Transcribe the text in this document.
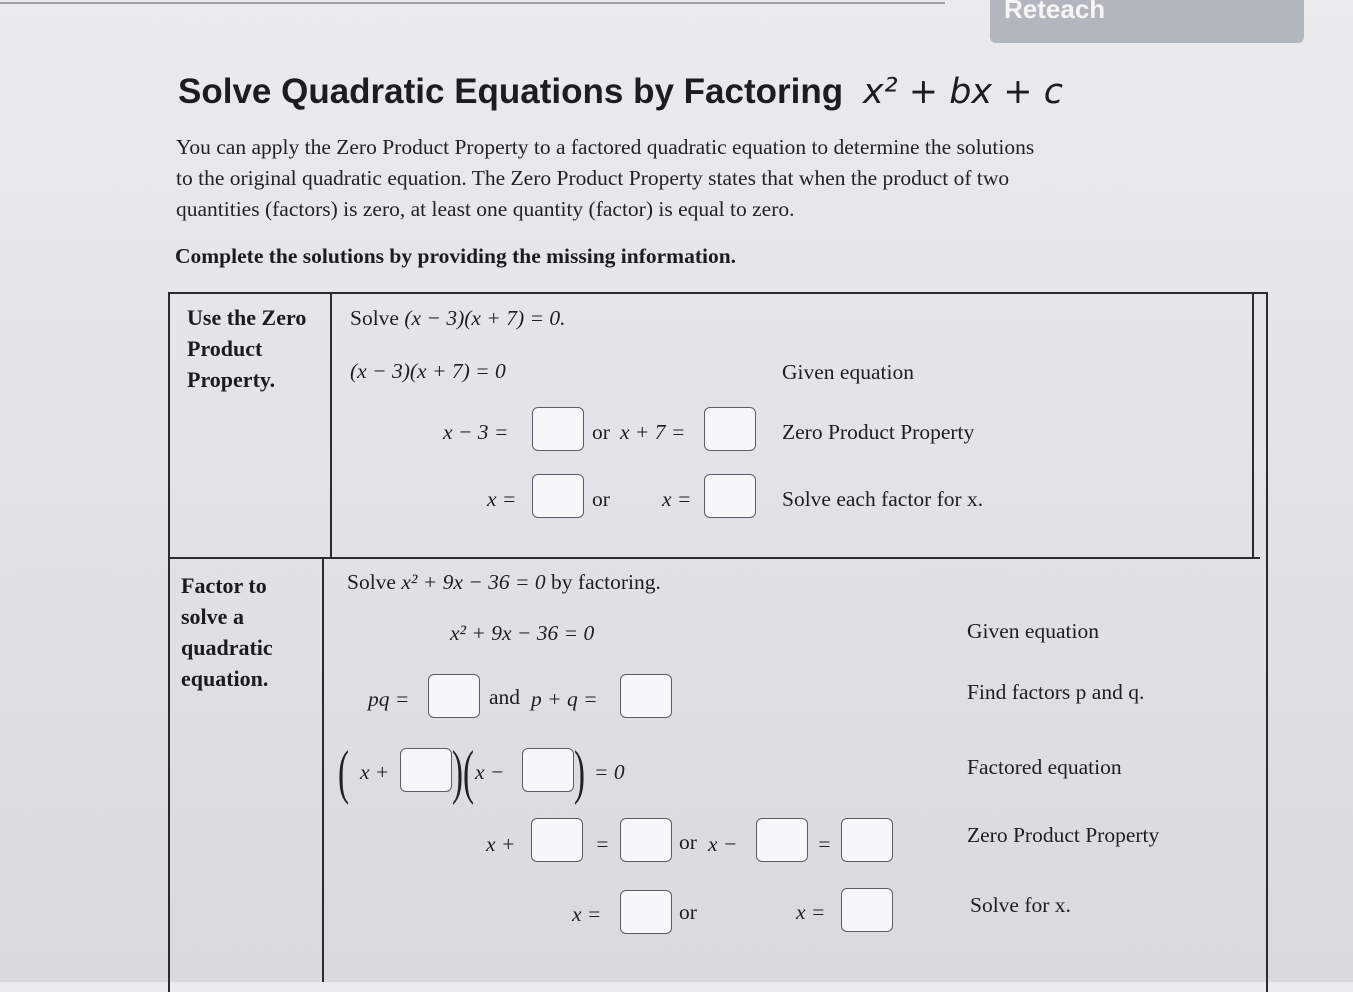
Reteach
Solve Quadratic Equations by Factoring x² + bx + c
You can apply the Zero Product Property to a factored quadratic equation to determine the solutions to the original quadratic equation. The Zero Product Property states that when the product of two quantities (factors) is zero, at least one quantity (factor) is equal to zero.
Complete the solutions by providing the missing information.
Use the Zero Product Property.
Solve (x − 3)(x + 7) = 0.
(x − 3)(x + 7) = 0	Given equation
x − 3 =	or x + 7 =	Zero Product Property
x =	or x =	Solve each factor for x.
Factor to solve a quadratic equation.
Solve x² + 9x − 36 = 0 by factoring.
x² + 9x − 36 = 0	Given equation
pq =	and p + q =	Find factors p and q.
( x + ) ( x − ) = 0	Factored equation
x +	=	or x −	=	Zero Product Property
x =	or	x =	Solve for x.
